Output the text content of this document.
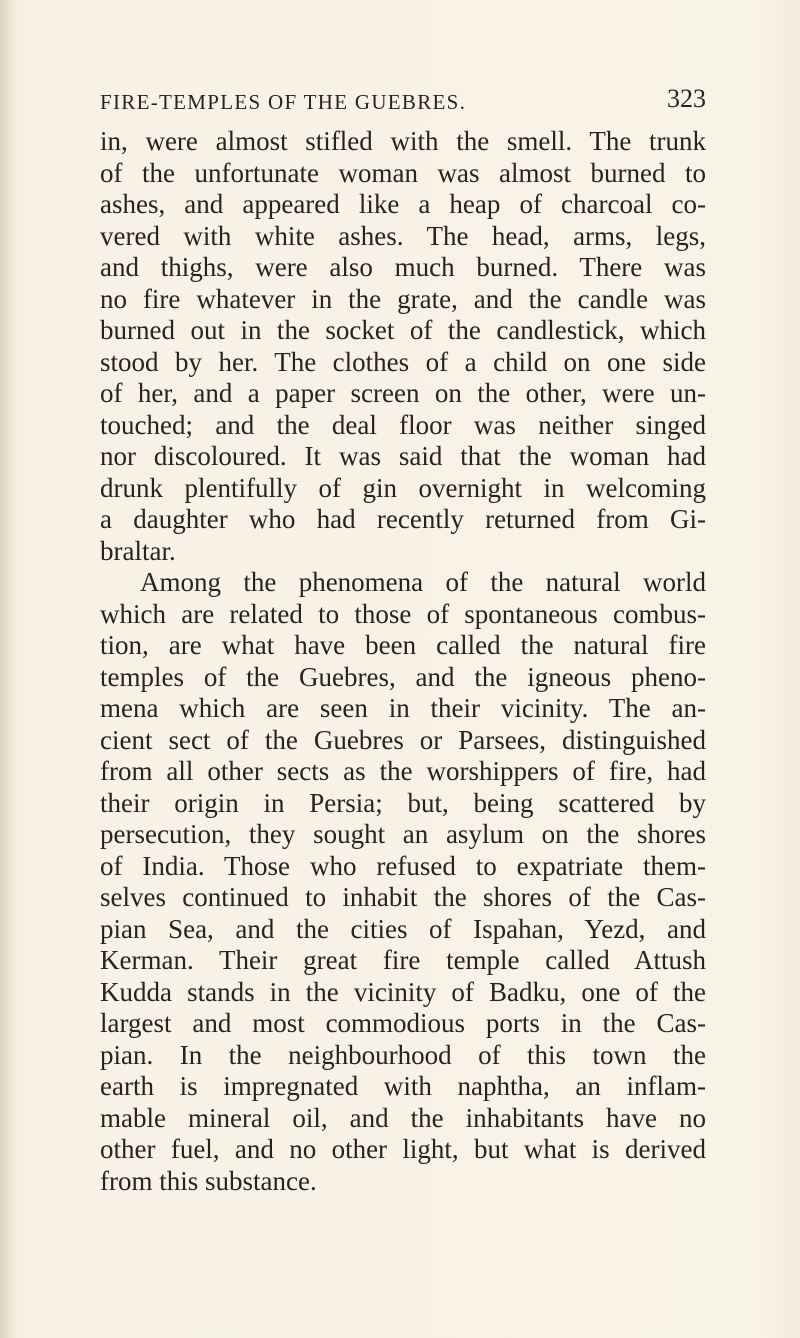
FIRE-TEMPLES OF THE GUEBRES.	323
in, were almost stifled with the smell. The trunk
of the unfortunate woman was almost burned to
ashes, and appeared like a heap of charcoal co-
vered with white ashes. The head, arms, legs,
and thighs, were also much burned. There was
no fire whatever in the grate, and the candle was
burned out in the socket of the candlestick, which
stood by her. The clothes of a child on one side
of her, and a paper screen on the other, were un-
touched; and the deal floor was neither singed
nor discoloured. It was said that the woman had
drunk plentifully of gin overnight in welcoming
a daughter who had recently returned from Gi-
braltar.
Among the phenomena of the natural world
which are related to those of spontaneous combus-
tion, are what have been called the natural fire
temples of the Guebres, and the igneous pheno-
mena which are seen in their vicinity. The an-
cient sect of the Guebres or Parsees, distinguished
from all other sects as the worshippers of fire, had
their origin in Persia; but, being scattered by
persecution, they sought an asylum on the shores
of India. Those who refused to expatriate them-
selves continued to inhabit the shores of the Cas-
pian Sea, and the cities of Ispahan, Yezd, and
Kerman. Their great fire temple called Attush
Kudda stands in the vicinity of Badku, one of the
largest and most commodious ports in the Cas-
pian. In the neighbourhood of this town the
earth is impregnated with naphtha, an inflam-
mable mineral oil, and the inhabitants have no
other fuel, and no other light, but what is derived
from this substance.
